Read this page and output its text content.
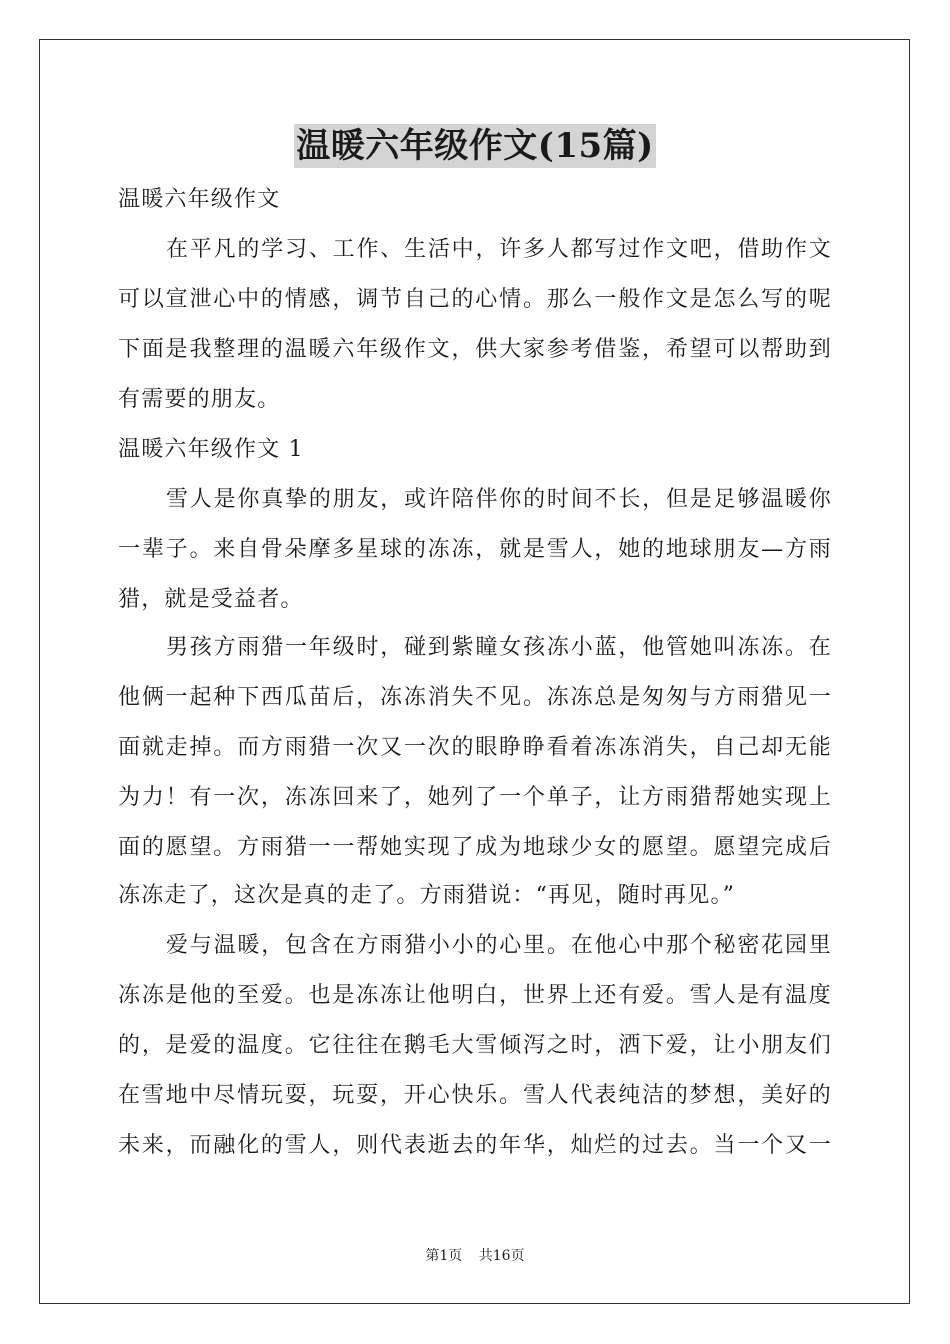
温暖六年级作文(15篇)
温暖六年级作文
在平凡的学习、工作、生活中，许多人都写过作文吧，借助作文
可以宣泄心中的情感，调节自己的心情。那么一般作文是怎么写的呢
下面是我整理的温暖六年级作文，供大家参考借鉴，希望可以帮助到
有需要的朋友。
温暖六年级作文 1
雪人是你真挚的朋友，或许陪伴你的时间不长，但是足够温暖你
一辈子。来自骨朵摩多星球的冻冻，就是雪人，她的地球朋友—方雨
猎，就是受益者。
男孩方雨猎一年级时，碰到紫瞳女孩冻小蓝，他管她叫冻冻。在
他俩一起种下西瓜苗后，冻冻消失不见。冻冻总是匆匆与方雨猎见一
面就走掉。而方雨猎一次又一次的眼睁睁看着冻冻消失，自己却无能
为力！有一次，冻冻回来了，她列了一个单子，让方雨猎帮她实现上
面的愿望。方雨猎一一帮她实现了成为地球少女的愿望。愿望完成后
冻冻走了，这次是真的走了。方雨猎说：“再见，随时再见。”
爱与温暖，包含在方雨猎小小的心里。在他心中那个秘密花园里
冻冻是他的至爱。也是冻冻让他明白，世界上还有爱。雪人是有温度
的，是爱的温度。它往往在鹅毛大雪倾泻之时，洒下爱，让小朋友们
在雪地中尽情玩耍，玩耍，开心快乐。雪人代表纯洁的梦想，美好的
未来，而融化的雪人，则代表逝去的年华，灿烂的过去。当一个又一
第1页 共16页
